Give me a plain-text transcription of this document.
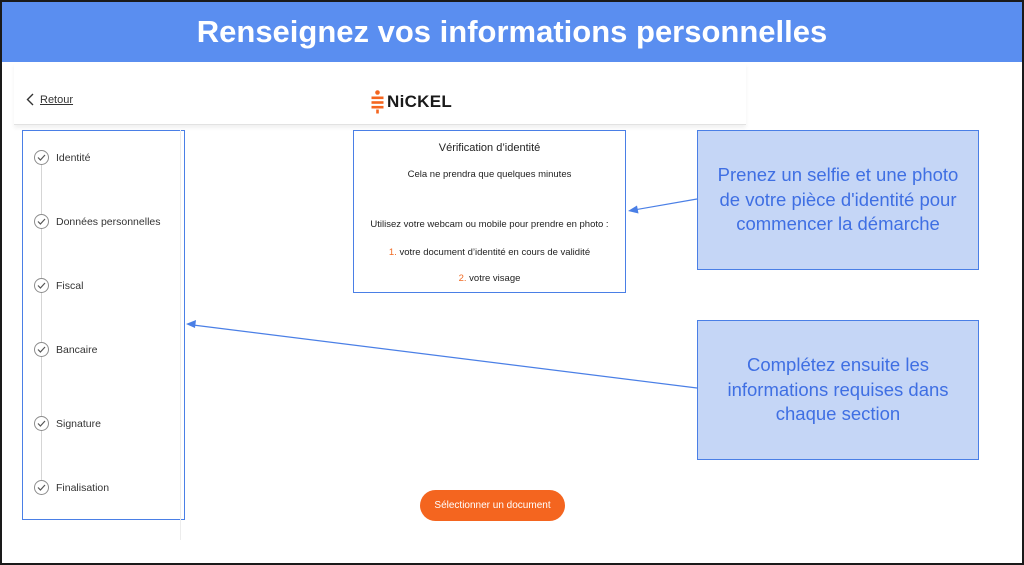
Renseignez vos informations personnelles
Retour	NiCKEL
Identité
Données personnelles
Fiscal
Bancaire
Signature
Finalisation
Vérification d’identité
Cela ne prendra que quelques minutes
Utilisez votre webcam ou mobile pour prendre en photo :
1. votre document d’identité en cours de validité
2. votre visage
Prenez un selfie et une photo de votre pièce d'identité pour commencer la démarche
Complétez ensuite les informations requises dans chaque section
Sélectionner un document
